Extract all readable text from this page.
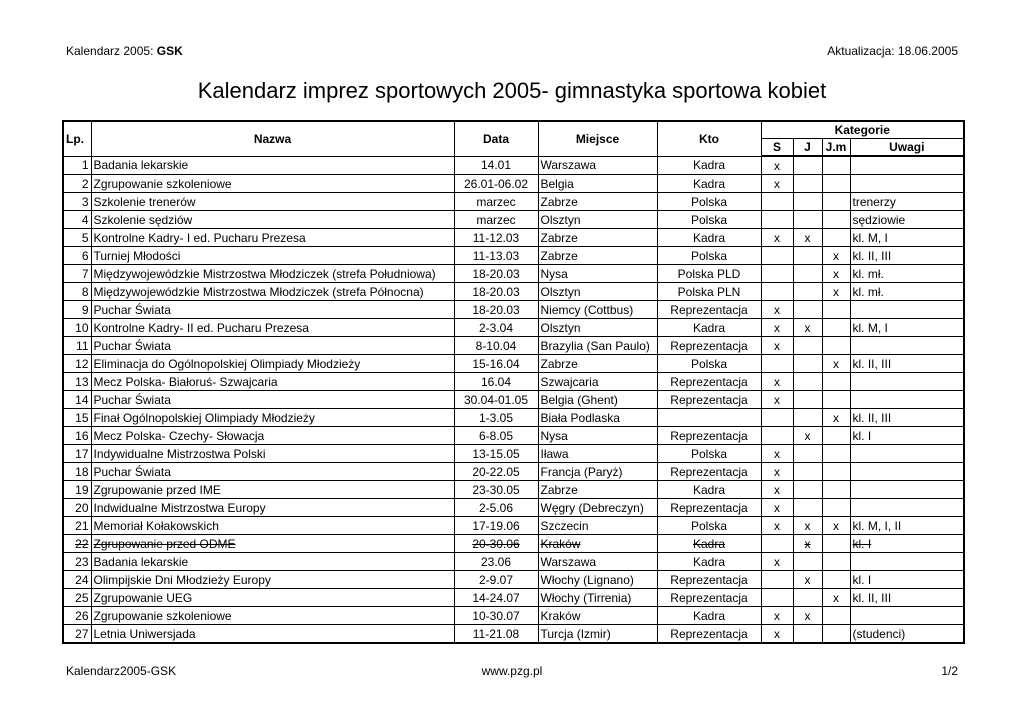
Kalendarz 2005: GSK	Aktualizacja: 18.06.2005
Kalendarz imprez sportowych 2005- gimnastyka sportowa kobiet
Lp.	Nazwa	Data	Miejsce	Kto	Kategorie			
					S	J	J.m	Uwagi
1	Badania lekarskie	14.01	Warszawa	Kadra	x			
2	Zgrupowanie szkoleniowe	26.01-06.02	Belgia	Kadra	x			
3	Szkolenie trenerów	marzec	Zabrze	Polska				trenerzy
4	Szkolenie sędziów	marzec	Olsztyn	Polska				sędziowie
5	Kontrolne Kadry- I ed. Pucharu Prezesa	11-12.03	Zabrze	Kadra	x	x		kl. M, I
6	Turniej Młodości	11-13.03	Zabrze	Polska			x	kl. II, III
7	Międzywojewódzkie Mistrzostwa Młodziczek (strefa Południowa)	18-20.03	Nysa	Polska PLD			x	kl. mł.
8	Międzywojewódzkie Mistrzostwa Młodziczek (strefa Północna)	18-20.03	Olsztyn	Polska PLN			x	kl. mł.
9	Puchar Świata	18-20.03	Niemcy (Cottbus)	Reprezentacja	x			
10	Kontrolne Kadry- II ed. Pucharu Prezesa	2-3.04	Olsztyn	Kadra	x	x		kl. M, I
11	Puchar Świata	8-10.04	Brazylia (San Paulo)	Reprezentacja	x			
12	Eliminacja do Ogólnopolskiej Olimpiady Młodzieży	15-16.04	Zabrze	Polska			x	kl. II, III
13	Mecz Polska- Białoruś- Szwajcaria	16.04	Szwajcaria	Reprezentacja	x			
14	Puchar Świata	30.04-01.05	Belgia (Ghent)	Reprezentacja	x			
15	Finał Ogólnopolskiej Olimpiady Młodzieży	1-3.05	Biała Podlaska				x	kl. II, III
16	Mecz Polska- Czechy- Słowacja	6-8.05	Nysa	Reprezentacja		x		kl. I
17	Indywidualne Mistrzostwa Polski	13-15.05	Iława	Polska	x			
18	Puchar Świata	20-22.05	Francja (Paryż)	Reprezentacja	x			
19	Zgrupowanie przed IME	23-30.05	Zabrze	Kadra	x			
20	Indwidualne Mistrzostwa Europy	2-5.06	Węgry (Debreczyn)	Reprezentacja	x			
21	Memoriał Kołakowskich	17-19.06	Szczecin	Polska	x	x	x	kl. M, I, II
22	Zgrupowanie przed ODME	20-30.06	Kraków	Kadra		x		kl. I
23	Badania lekarskie	23.06	Warszawa	Kadra	x			
24	Olimpijskie Dni Młodzieży Europy	2-9.07	Włochy (Lignano)	Reprezentacja		x		kl. I
25	Zgrupowanie UEG	14-24.07	Włochy (Tirrenia)	Reprezentacja			x	kl. II, III
26	Zgrupowanie szkoleniowe	10-30.07	Kraków	Kadra	x	x		
27	Letnia Uniwersjada	11-21.08	Turcja (Izmir)	Reprezentacja	x			(studenci)
Kalendarz2005-GSK	www.pzg.pl	1/2
